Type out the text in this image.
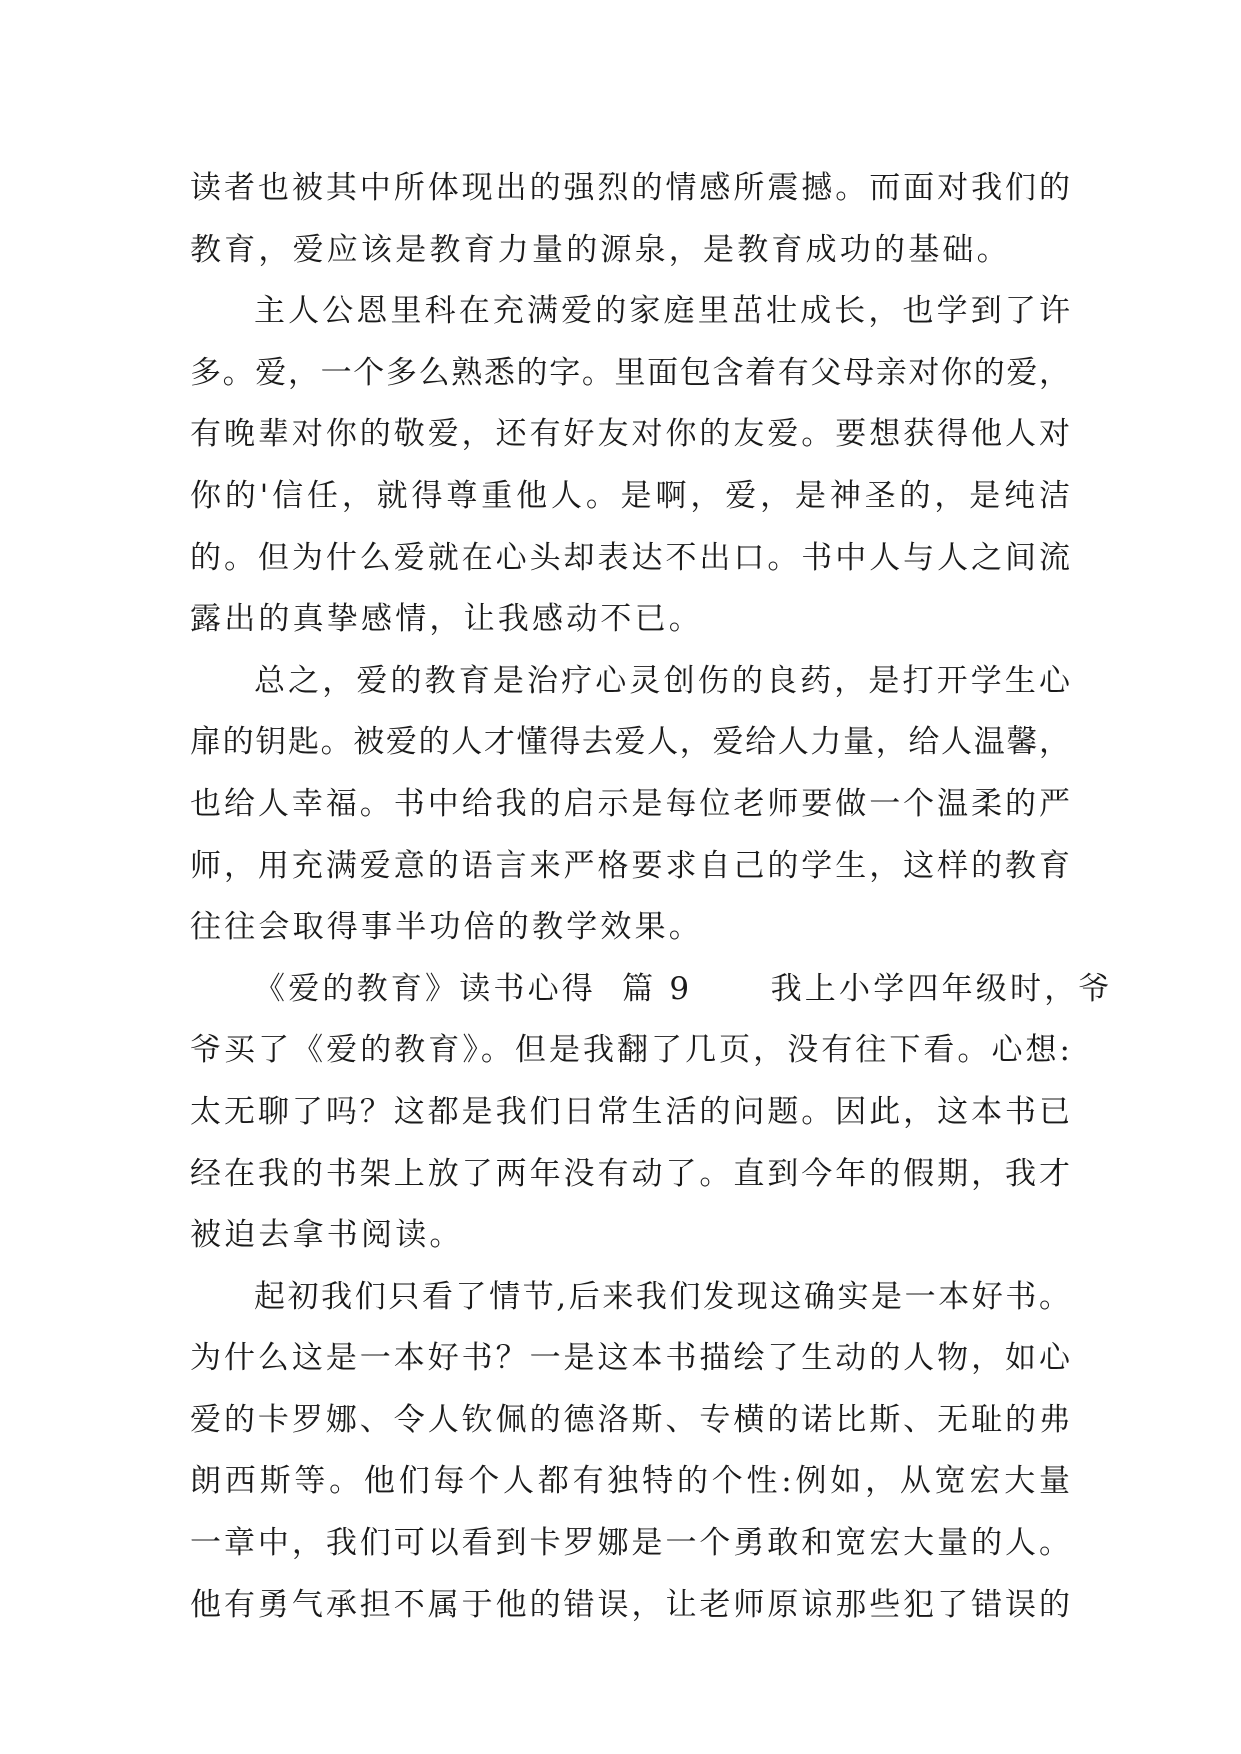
读者也被其中所体现出的强烈的情感所震撼。而面对我们的
教育，爱应该是教育力量的源泉，是教育成功的基础。
主人公恩里科在充满爱的家庭里茁壮成长，也学到了许
多。爱，一个多么熟悉的字。里面包含着有父母亲对你的爱，
有晚辈对你的敬爱，还有好友对你的友爱。要想获得他人对
你的'信任，就得尊重他人。是啊，爱，是神圣的，是纯洁
的。但为什么爱就在心头却表达不出口。书中人与人之间流
露出的真挚感情，让我感动不已。
总之，爱的教育是治疗心灵创伤的良药，是打开学生心
扉的钥匙。被爱的人才懂得去爱人，爱给人力量，给人温馨，
也给人幸福。书中给我的启示是每位老师要做一个温柔的严
师，用充满爱意的语言来严格要求自己的学生，这样的教育
往往会取得事半功倍的教学效果。
《爱的教育》读书心得  篇 9      我上小学四年级时，爷
爷买了《爱的教育》。但是我翻了几页，没有往下看。心想:
太无聊了吗？这都是我们日常生活的问题。因此，这本书已
经在我的书架上放了两年没有动了。直到今年的假期，我才
被迫去拿书阅读。
起初我们只看了情节,后来我们发现这确实是一本好书。
为什么这是一本好书？一是这本书描绘了生动的人物，如心
爱的卡罗娜、令人钦佩的德洛斯、专横的诺比斯、无耻的弗
朗西斯等。他们每个人都有独特的个性:例如，从宽宏大量
一章中，我们可以看到卡罗娜是一个勇敢和宽宏大量的人。
他有勇气承担不属于他的错误，让老师原谅那些犯了错误的
